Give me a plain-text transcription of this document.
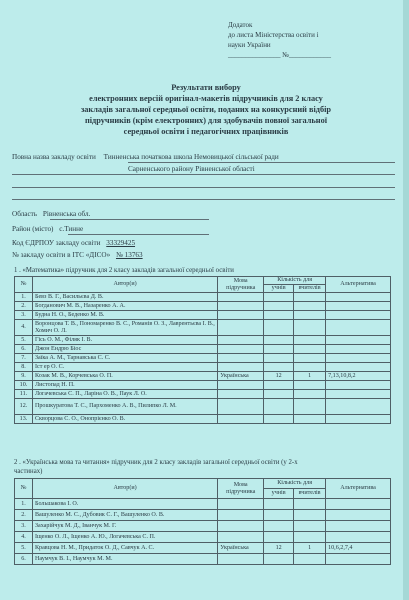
Додаток
до листа Міністерства освіти і
науки України
_______________ №____________
Результати вибору
електронних версій оригінал-макетів підручників для 2 класу
закладів загальної середньої освіти, поданих на конкурсний відбір
підручників (крім електронних) для здобувачів повної загальної
середньої освіти і педагогічних працівників
Повна назва закладу освіти Тинненська початкова школа Немовицької сільської ради
Сарненського району Рівненської області
Область Рівненська обл.
Район (місто) с.Тинне
Код ЄДРПОУ закладу освіти 33329425
№ закладу освіти в ІТС «ДІСО» № 13763
1 . «Математика» підручник для 2 класу закладів загальної середньої освіти
№	Автор(и)	Мова підручника	Кількість для		Альтернатива
			учнів	вчителів	
1.	Бевз В. Г., Васильєва Д. В.				
2.	Богданович М. В., Назаренко А. А.				
3.	Будна Н. О., Беденко М. В.				
4.	Воронцова Т. В., Пономаренко В. С., Романів О. З., Лаврентьєва І. В., Хомич О. Л.				
5.	Гісь О. М., Філяк І. В.				
6.	Джон Ендрю Біос				
7.	Заїка А. М., Тарнавська С. С.				
8.	Іст ер О. С.				
9.	Козак М. В., Корчевська О. П.	Українська	12	1	7,13,10,8,2
10.	Листопад Н. П.				
11.	Логачевська С. П., Ларіна О. В., Паук Л. О.				
12.	Прошкуратова Т. С., Пархоменко А. В., Пилипко Л. М.				
13.	Скворцова С. О., Онопрієнко О. В.				
2 . «Українська мова та читання» підручник для 2 класу закладів загальної середньої освіти (у 2-х
частинах)
№	Автор(и)	Мова підручника	Кількість для		Альтернатива
			учнів	вчителів	
1.	Большакова І. О.				
2.	Вашуленко М. С., Дубовик С. Г., Вашуленко О. В.				
3.	Захарійчук М. Д., Іванчук М. Г.				
4.	Іщенко О. Л., Іщенко А. Ю., Логачевська С. П.				
5.	Кравцова Н. М., Придаток О. Д., Савчук А. С.	Українська	12	1	10,6,2,7,4
6.	Наумчук В. І., Наумчук М. М.				
